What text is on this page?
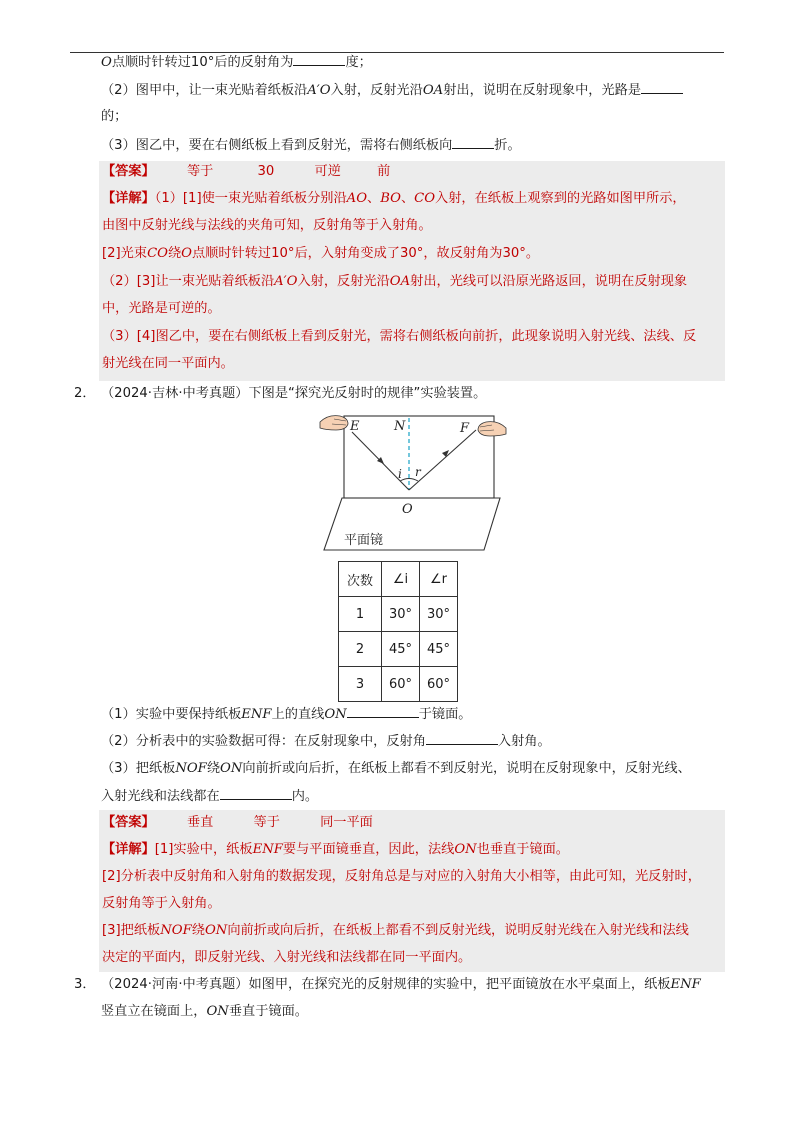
O点顺时针转过10°后的反射角为	度；
（2）图甲中，让一束光贴着纸板沿A′O入射，反射光沿OA射出，说明在反射现象中，光路是
的；
（3）图乙中，要在右侧纸板上看到反射光，需将右侧纸板向	折。
【答案】 等于	30	可逆	前
【详解】（1）[1]使一束光贴着纸板分别沿AO、BO、CO入射，在纸板上观察到的光路如图甲所示，
由图中反射光线与法线的夹角可知，反射角等于入射角。
[2]光束CO绕O点顺时针转过10°后，入射角变成了30°，故反射角为30°。
（2）[3]让一束光贴着纸板沿A′O入射，反射光沿OA射出，光线可以沿原光路返回，说明在反射现象
中，光路是可逆的。
（3）[4]图乙中，要在右侧纸板上看到反射光，需将右侧纸板向前折，此现象说明入射光线、法线、反
射光线在同一平面内。
2． （2024·吉林·中考真题）下图是“探究光反射时的规律”实验装置。
E	N	F
i r
O
平面镜
次数	∠i	∠r
1	30°	30°
2	45°	45°
3	60°	60°
（1）实验中要保持纸板ENF上的直线ON	于镜面。
（2）分析表中的实验数据可得：在反射现象中，反射角	入射角。
（3）把纸板NOF绕ON向前折或向后折，在纸板上都看不到反射光，说明在反射现象中，反射光线、
入射光线和法线都在	内。
【答案】 垂直	等于	同一平面
【详解】[1]实验中，纸板ENF要与平面镜垂直，因此，法线ON也垂直于镜面。
[2]分析表中反射角和入射角的数据发现，反射角总是与对应的入射角大小相等，由此可知，光反射时，
反射角等于入射角。
[3]把纸板NOF绕ON向前折或向后折，在纸板上都看不到反射光线，说明反射光线在入射光线和法线
决定的平面内，即反射光线、入射光线和法线都在同一平面内。
3． （2024·河南·中考真题）如图甲，在探究光的反射规律的实验中，把平面镜放在水平桌面上，纸板ENF
竖直立在镜面上，ON垂直于镜面。
